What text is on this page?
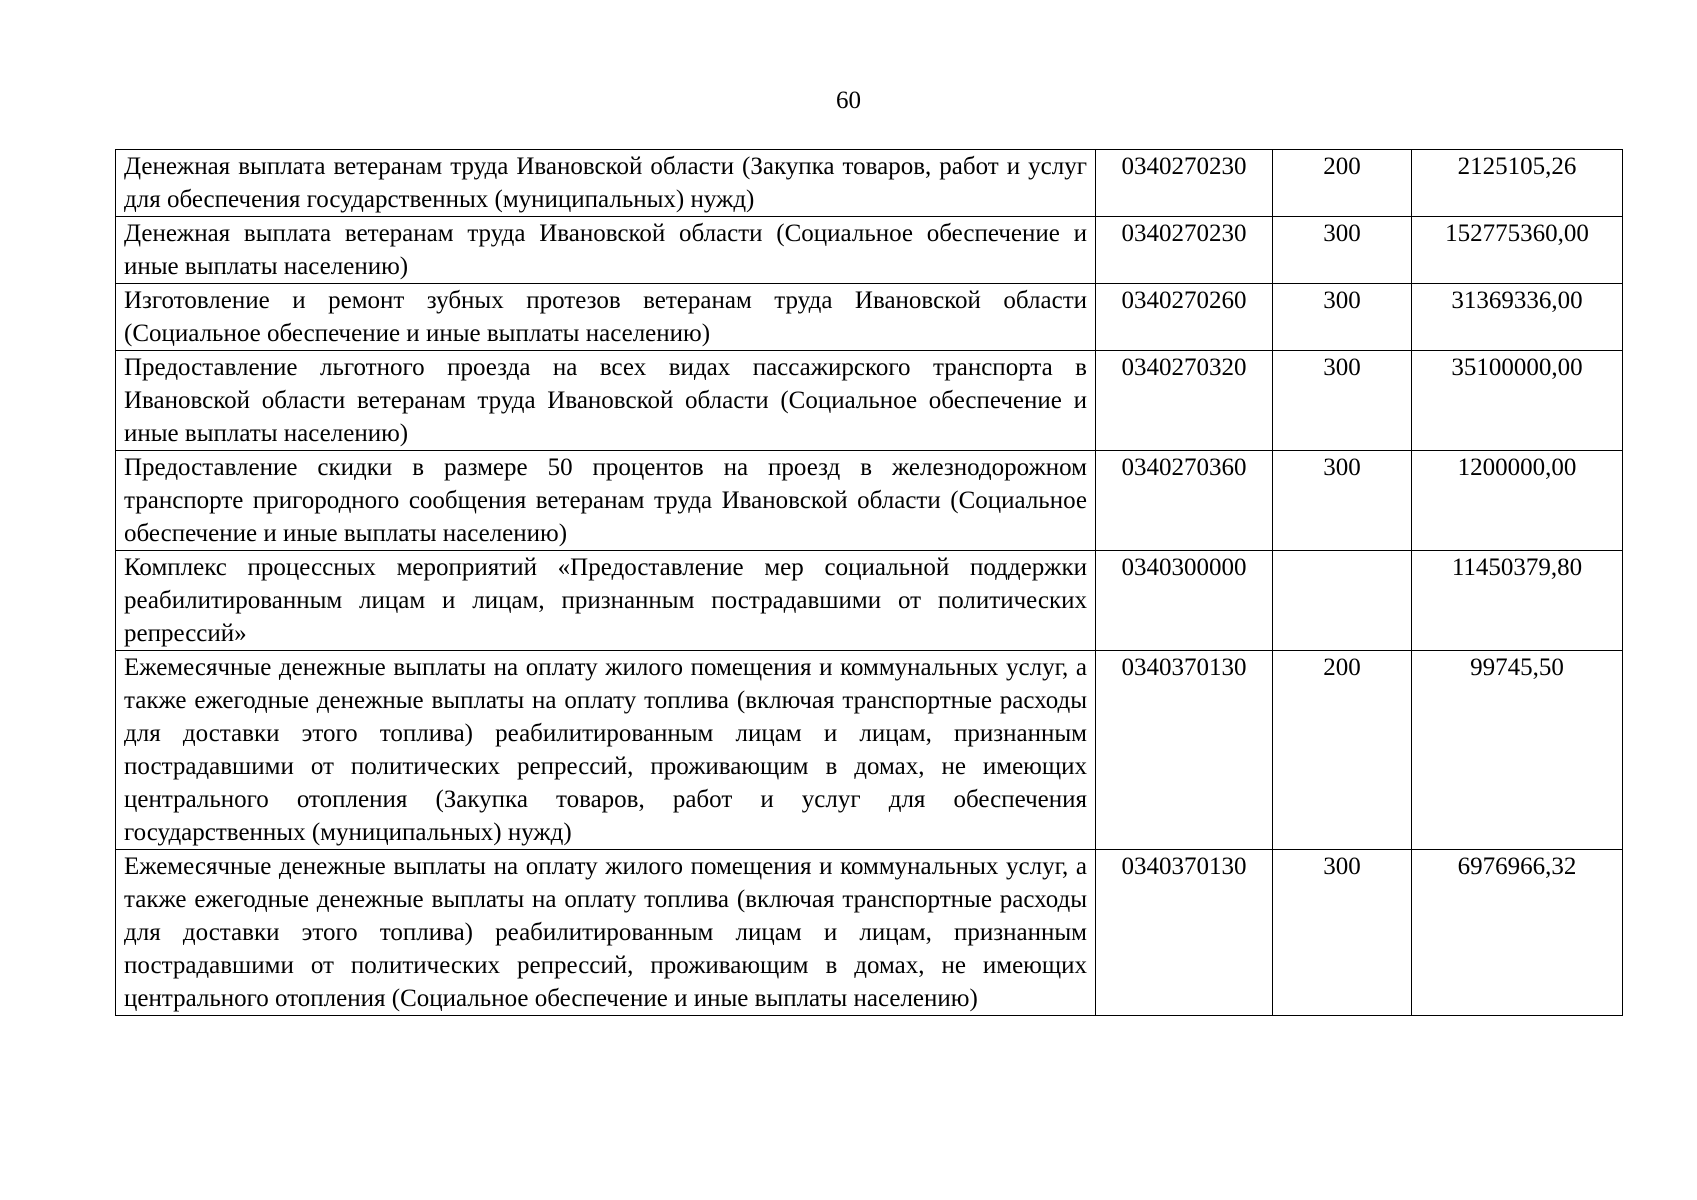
60
Денежная выплата ветеранам труда Ивановской области (Закупка товаров, работ и услуг для обеспечения государственных (муниципальных) нужд)	0340270230	200	2125105,26
Денежная выплата ветеранам труда Ивановской области (Социальное обеспечение и иные выплаты населению)	0340270230	300	152775360,00
Изготовление и ремонт зубных протезов ветеранам труда Ивановской области (Социальное обеспечение и иные выплаты населению)	0340270260	300	31369336,00
Предоставление льготного проезда на всех видах пассажирского транспорта в Ивановской области ветеранам труда Ивановской области (Социальное обеспечение и иные выплаты населению)	0340270320	300	35100000,00
Предоставление скидки в размере 50 процентов на проезд в железнодорожном транспорте пригородного сообщения ветеранам труда Ивановской области (Социальное обеспечение и иные выплаты населению)	0340270360	300	1200000,00
Комплекс процессных мероприятий «Предоставление мер социальной поддержки реабилитированным лицам и лицам, признанным пострадавшими от политических репрессий»	0340300000		11450379,80
Ежемесячные денежные выплаты на оплату жилого помещения и коммунальных услуг, а также ежегодные денежные выплаты на оплату топлива (включая транспортные расходы для доставки этого топлива) реабилитированным лицам и лицам, признанным пострадавшими от политических репрессий, проживающим в домах, не имеющих центрального отопления (Закупка товаров, работ и услуг для обеспечения государственных (муниципальных) нужд)	0340370130	200	99745,50
Ежемесячные денежные выплаты на оплату жилого помещения и коммунальных услуг, а также ежегодные денежные выплаты на оплату топлива (включая транспортные расходы для доставки этого топлива) реабилитированным лицам и лицам, признанным пострадавшими от политических репрессий, проживающим в домах, не имеющих центрального отопления (Социальное обеспечение и иные выплаты населению)	0340370130	300	6976966,32
